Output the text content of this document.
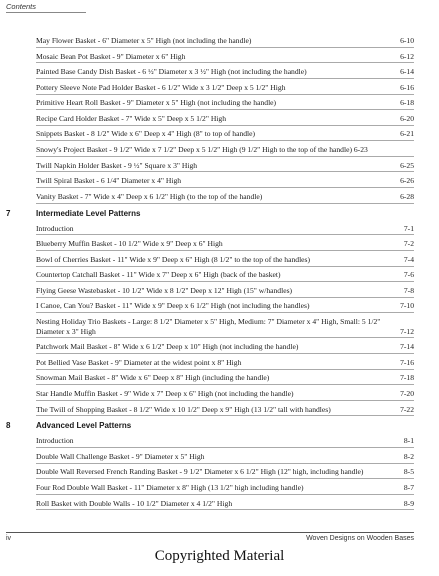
Contents
May Flower Basket - 6" Diameter x 5" High (not including the handle)	6-10
Mosaic Bean Pot Basket - 9" Diameter x 6" High	6-12
Painted Base Candy Dish Basket - 6 ½" Diameter x 3 ½" High (not including the handle)	6-14
Pottery Sleeve Note Pad Holder Basket - 6 1/2" Wide x 3 1/2" Deep x 5 1/2" High	6-16
Primitive Heart Roll Basket - 9" Diameter x 5" High (not including the handle)	6-18
Recipe Card Holder Basket - 7" Wide x 5" Deep x 5 1/2" High	6-20
Snippets Basket - 8 1/2" Wide x 6" Deep x 4" High (8" to top of handle)	6-21
Snowy's Project Basket - 9 1/2" Wide x 7 1/2" Deep x 5 1/2" High (9 1/2" High to the top of the handle) 6-23
Twill Napkin Holder Basket - 9 ½" Square x 3" High	6-25
Twill Spiral Basket - 6 1/4" Diameter x 4" High	6-26
Vanity Basket - 7" Wide x 4" Deep x 6 1/2" High (to the top of the handle)	6-28
7	Intermediate Level Patterns
Introduction	7-1
Blueberry Muffin Basket - 10 1/2" Wide x 9" Deep x 6" High	7-2
Bowl of Cherries Basket - 11" Wide x 9" Deep x 6" High (8 1/2" to the top of the handles)	7-4
Countertop Catchall Basket - 11" Wide x 7" Deep x 6" High (back of the basket)	7-6
Flying Geese Wastebasket - 10 1/2" Wide x 8 1/2" Deep x 12" High (15" w/handles)	7-8
I Canoe, Can You? Basket - 11" Wide x 9" Deep x 6 1/2" High (not including the handles)	7-10
Nesting Holiday Trio Baskets - Large: 8 1/2" Diameter x 5" High, Medium: 7" Diameter x 4" High, Small: 5 1/2" Diameter x 3" High	7-12
Patchwork Mail Basket - 8" Wide x 6 1/2" Deep x 10" High (not including the handle)	7-14
Pot Bellied Vase Basket - 9" Diameter at the widest point x 8" High	7-16
Snowman Mail Basket - 8" Wide x 6" Deep x 8" High (including the handle)	7-18
Star Handle Muffin Basket - 9" Wide x 7" Deep x 6" High (not including the handle)	7-20
The Twill of Shopping Basket - 8 1/2" Wide x 10 1/2" Deep x 9" High (13 1/2" tall with handles)	7-22
8	Advanced Level Patterns
Introduction	8-1
Double Wall Challenge Basket - 9" Diameter x 5" High	8-2
Double Wall Reversed French Randing Basket - 9 1/2" Diameter x 6 1/2" High (12" high, including handle)	8-5
Four Rod Double Wall Basket - 11" Diameter x 8" High (13 1/2" high including handle)	8-7
Roll Basket with Double Walls - 10 1/2" Diameter x 4 1/2" High	8-9
iv	Woven Designs on Wooden Bases
Copyrighted Material
